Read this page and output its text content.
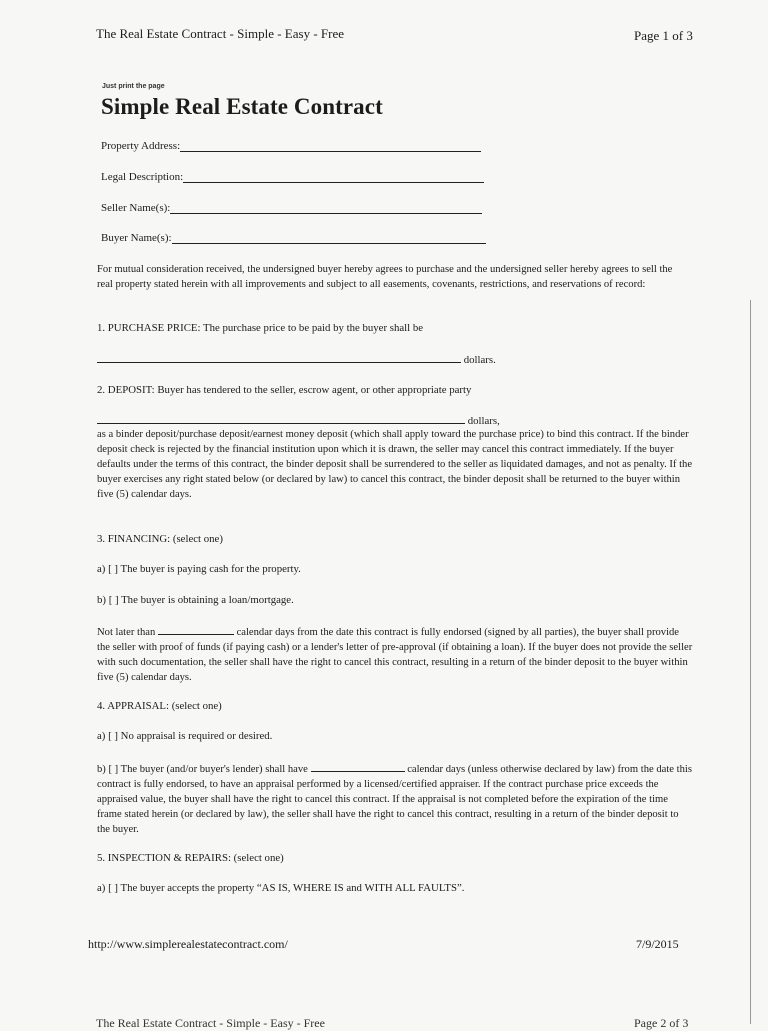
The Real Estate Contract - Simple - Easy - Free	Page 1 of 3
Just print the page
Simple Real Estate Contract
Property Address:
Legal Description:
Seller Name(s):
Buyer Name(s):
For mutual consideration received, the undersigned buyer hereby agrees to purchase and the undersigned seller hereby agrees to sell the real property stated herein with all improvements and subject to all easements, covenants, restrictions, and reservations of record:
1. PURCHASE PRICE: The purchase price to be paid by the buyer shall be
dollars.
2. DEPOSIT: Buyer has tendered to the seller, escrow agent, or other appropriate party
dollars,
as a binder deposit/purchase deposit/earnest money deposit (which shall apply toward the purchase price) to bind this contract. If the binder deposit check is rejected by the financial institution upon which it is drawn, the seller may cancel this contract immediately. If the buyer defaults under the terms of this contract, the binder deposit shall be surrendered to the seller as liquidated damages, and not as penalty. If the buyer exercises any right stated below (or declared by law) to cancel this contract, the binder deposit shall be returned to the buyer within five (5) calendar days.
3. FINANCING: (select one)
a) [ ] The buyer is paying cash for the property.
b) [ ] The buyer is obtaining a loan/mortgage.
Not later than	calendar days from the date this contract is fully endorsed (signed by all parties), the buyer shall provide the seller with proof of funds (if paying cash) or a lender's letter of pre-approval (if obtaining a loan). If the buyer does not provide the seller with such documentation, the seller shall have the right to cancel this contract, resulting in a return of the binder deposit to the buyer within five (5) calendar days.
4. APPRAISAL: (select one)
a) [ ] No appraisal is required or desired.
b) [ ] The buyer (and/or buyer's lender) shall have	calendar days (unless otherwise declared by law) from the date this contract is fully endorsed, to have an appraisal performed by a licensed/certified appraiser. If the contract purchase price exceeds the appraised value, the buyer shall have the right to cancel this contract. If the appraisal is not completed before the expiration of the time frame stated herein (or declared by law), the seller shall have the right to cancel this contract, resulting in a return of the binder deposit to the buyer.
5. INSPECTION & REPAIRS: (select one)
a) [ ] The buyer accepts the property “AS IS, WHERE IS and WITH ALL FAULTS”.
http://www.simplerealestatecontract.com/	7/9/2015
The Real Estate Contract - Simple - Easy - Free	Page 2 of 3
